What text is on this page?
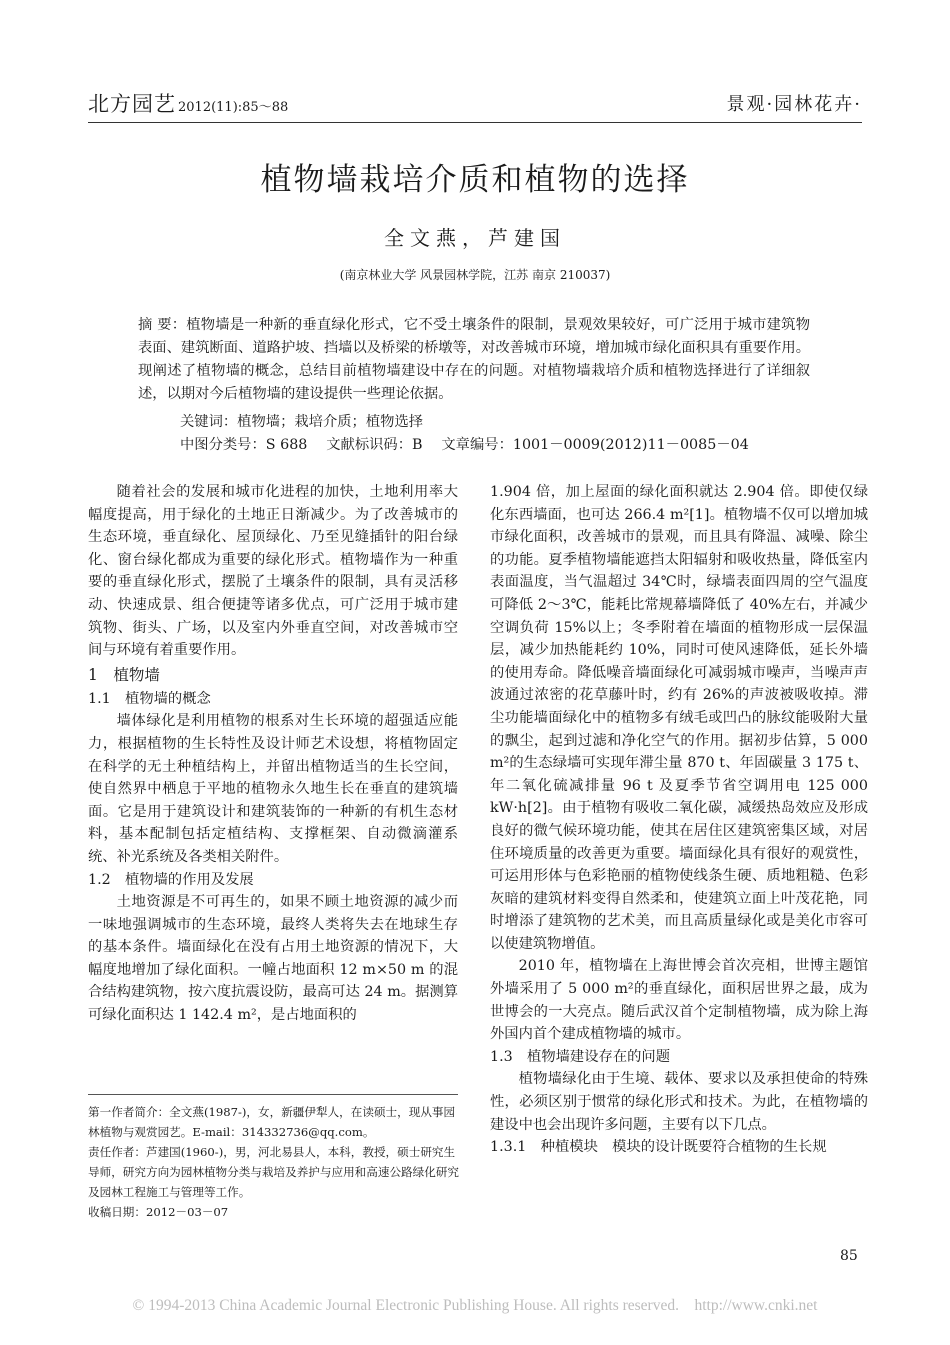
北方园艺 2012(11):85～88	景观·园林花卉·
植物墙栽培介质和植物的选择
全文燕，芦建国
(南京林业大学 风景园林学院，江苏 南京 210037)
摘 要：植物墙是一种新的垂直绿化形式，它不受土壤条件的限制，景观效果较好，可广泛用于城市建筑物表面、建筑断面、道路护坡、挡墙以及桥梁的桥墩等，对改善城市环境，增加城市绿化面积具有重要作用。现阐述了植物墙的概念，总结目前植物墙建设中存在的问题。对植物墙栽培介质和植物选择进行了详细叙述，以期对今后植物墙的建设提供一些理论依据。
关键词：植物墙；栽培介质；植物选择
中图分类号：S 688　 文献标识码：B　 文章编号：1001－0009(2012)11－0085－04

随着社会的发展和城市化进程的加快，土地利用率大幅度提高，用于绿化的土地正日渐减少。为了改善城市的生态环境，垂直绿化、屋顶绿化、乃至见缝插针的阳台绿化、窗台绿化都成为重要的绿化形式。植物墙作为一种重要的垂直绿化形式，摆脱了土壤条件的限制，具有灵活移动、快速成景、组合便捷等诸多优点，可广泛用于城市建筑物、街头、广场，以及室内外垂直空间，对改善城市空间与环境有着重要作用。

1　植物墙
1.1　植物墙的概念

墙体绿化是利用植物的根系对生长环境的超强适应能力，根据植物的生长特性及设计师艺术设想，将植物固定在科学的无土种植结构上，并留出植物适当的生长空间，使自然界中栖息于平地的植物永久地生长在垂直的建筑墙面。它是用于建筑设计和建筑装饰的一种新的有机生态材料，基本配制包括定植结构、支撑框架、自动微滴灌系统、补光系统及各类相关附件。

1.2　植物墙的作用及发展

土地资源是不可再生的，如果不顾土地资源的减少而一味地强调城市的生态环境，最终人类将失去在地球生存的基本条件。墙面绿化在没有占用土地资源的情况下，大幅度地增加了绿化面积。一幢占地面积 12 m×50 m 的混合结构建筑物，按六度抗震设防，最高可达 24 m。据测算可绿化面积达 1 142.4 m²，是占地面积的

第一作者简介：全文燕(1987-)，女，新疆伊犁人，在读硕士，现从事园林植物与观赏园艺。E-mail：314332736@qq.com。
责任作者：芦建国(1960-)，男，河北易县人，本科，教授，硕士研究生导师，研究方向为园林植物分类与栽培及养护与应用和高速公路绿化研究及园林工程施工与管理等工作。
收稿日期：2012－03－07

1.904 倍，加上屋面的绿化面积就达 2.904 倍。即使仅绿化东西墙面，也可达 266.4 m²[1]。植物墙不仅可以增加城市绿化面积，改善城市的景观，而且具有降温、减噪、除尘的功能。夏季植物墙能遮挡太阳辐射和吸收热量，降低室内表面温度，当气温超过 34℃时，绿墙表面四周的空气温度可降低 2～3℃，能耗比常规幕墙降低了 40%左右，并减少空调负荷 15%以上；冬季附着在墙面的植物形成一层保温层，减少加热能耗约 10%，同时可使风速降低，延长外墙的使用寿命。降低噪音墙面绿化可减弱城市噪声，当噪声声波通过浓密的花草藤叶时，约有 26%的声波被吸收掉。滞尘功能墙面绿化中的植物多有绒毛或凹凸的脉纹能吸附大量的飘尘，起到过滤和净化空气的作用。据初步估算，5 000 m²的生态绿墙可实现年滞尘量 870 t、年固碳量 3 175 t、年二氧化硫减排量 96 t 及夏季节省空调用电 125 000 kW·h[2]。由于植物有吸收二氧化碳，减缓热岛效应及形成良好的微气候环境功能，使其在居住区建筑密集区域，对居住环境质量的改善更为重要。墙面绿化具有很好的观赏性，可运用形体与色彩艳丽的植物使线条生硬、质地粗糙、色彩灰暗的建筑材料变得自然柔和，使建筑立面上叶茂花艳，同时增添了建筑物的艺术美，而且高质量绿化或是美化市容可以使建筑物增值。

2010 年，植物墙在上海世博会首次亮相，世博主题馆外墙采用了 5 000 m²的垂直绿化，面积居世界之最，成为世博会的一大亮点。随后武汉首个定制植物墙，成为除上海外国内首个建成植物墙的城市。

1.3　植物墙建设存在的问题

植物墙绿化由于生境、载体、要求以及承担使命的特殊性，必须区别于惯常的绿化形式和技术。为此，在植物墙的建设中也会出现许多问题，主要有以下几点。

1.3.1　种植模块　模块的设计既要符合植物的生长规
85
© 1994-2013 China Academic Journal Electronic Publishing House. All rights reserved.    http://www.cnki.net
